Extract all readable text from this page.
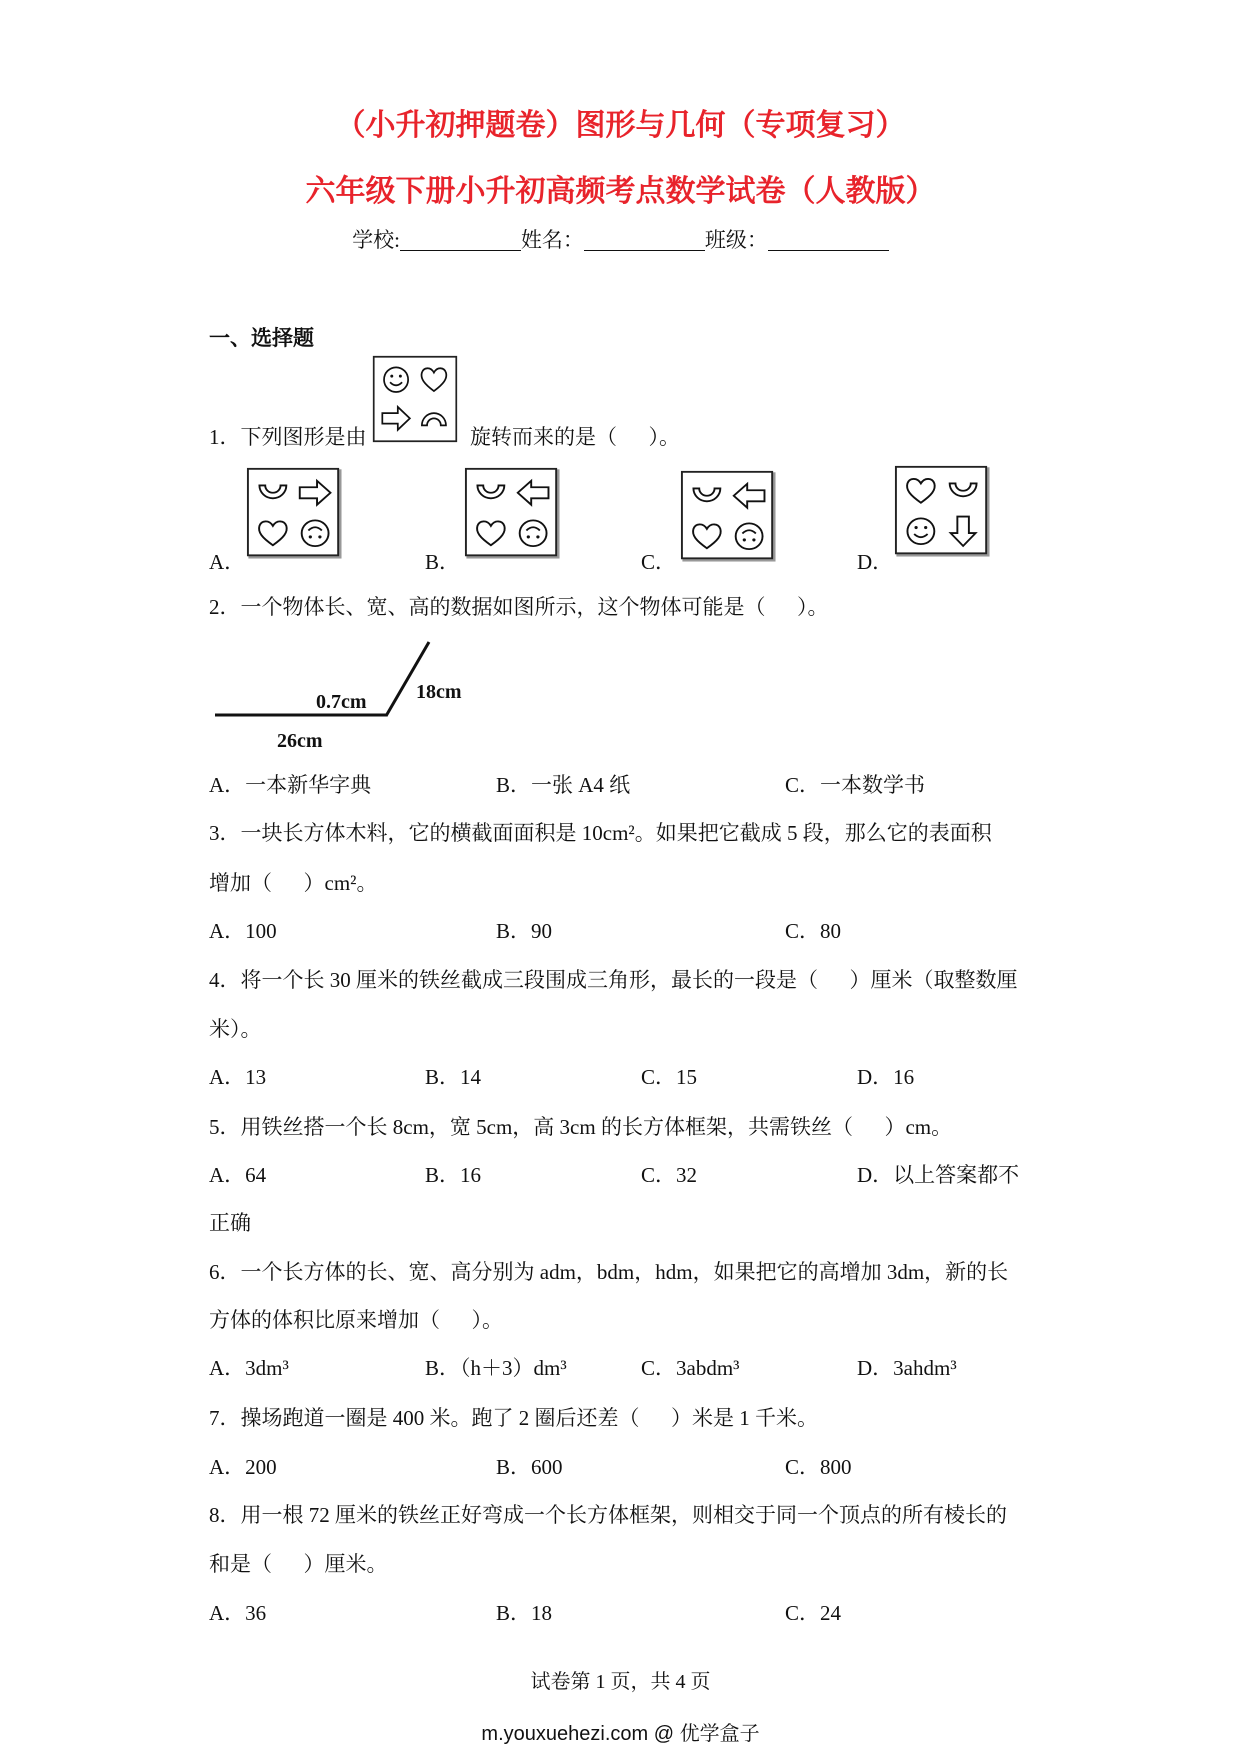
（小升初押题卷）图形与几何（专项复习）
六年级下册小升初高频考点数学试卷（人教版）
学校:	姓名：	班级：
一、选择题
1．下列图形是由	旋转而来的是（      ）。
A．	B．	C．	D．
2．一个物体长、宽、高的数据如图所示，这个物体可能是（      ）。
0.7cm 18cm
26cm
A．一本新华字典	B．一张 A4 纸	C．一本数学书
3．一块长方体木料，它的横截面面积是 10cm²。如果把它截成 5 段，那么它的表面积
增加（      ）cm²。
A．100	B．90	C．80
4．将一个长 30 厘米的铁丝截成三段围成三角形，最长的一段是（      ）厘米（取整数厘
米）。
A．13	B．14	C．15	D．16
5．用铁丝搭一个长 8cm，宽 5cm，高 3cm 的长方体框架，共需铁丝（      ）cm。
A．64	B．16	C．32	D．以上答案都不
正确
6．一个长方体的长、宽、高分别为 adm，bdm，hdm，如果把它的高增加 3dm，新的长
方体的体积比原来增加（      ）。
A．3dm³	B．（h＋3）dm³	C．3abdm³	D．3ahdm³
7．操场跑道一圈是 400 米。跑了 2 圈后还差（      ）米是 1 千米。
A．200	B．600	C．800
8．用一根 72 厘米的铁丝正好弯成一个长方体框架，则相交于同一个顶点的所有棱长的
和是（      ）厘米。
A．36	B．18	C．24
试卷第 1 页，共 4 页
m.youxuehezi.com @ 优学盒子
